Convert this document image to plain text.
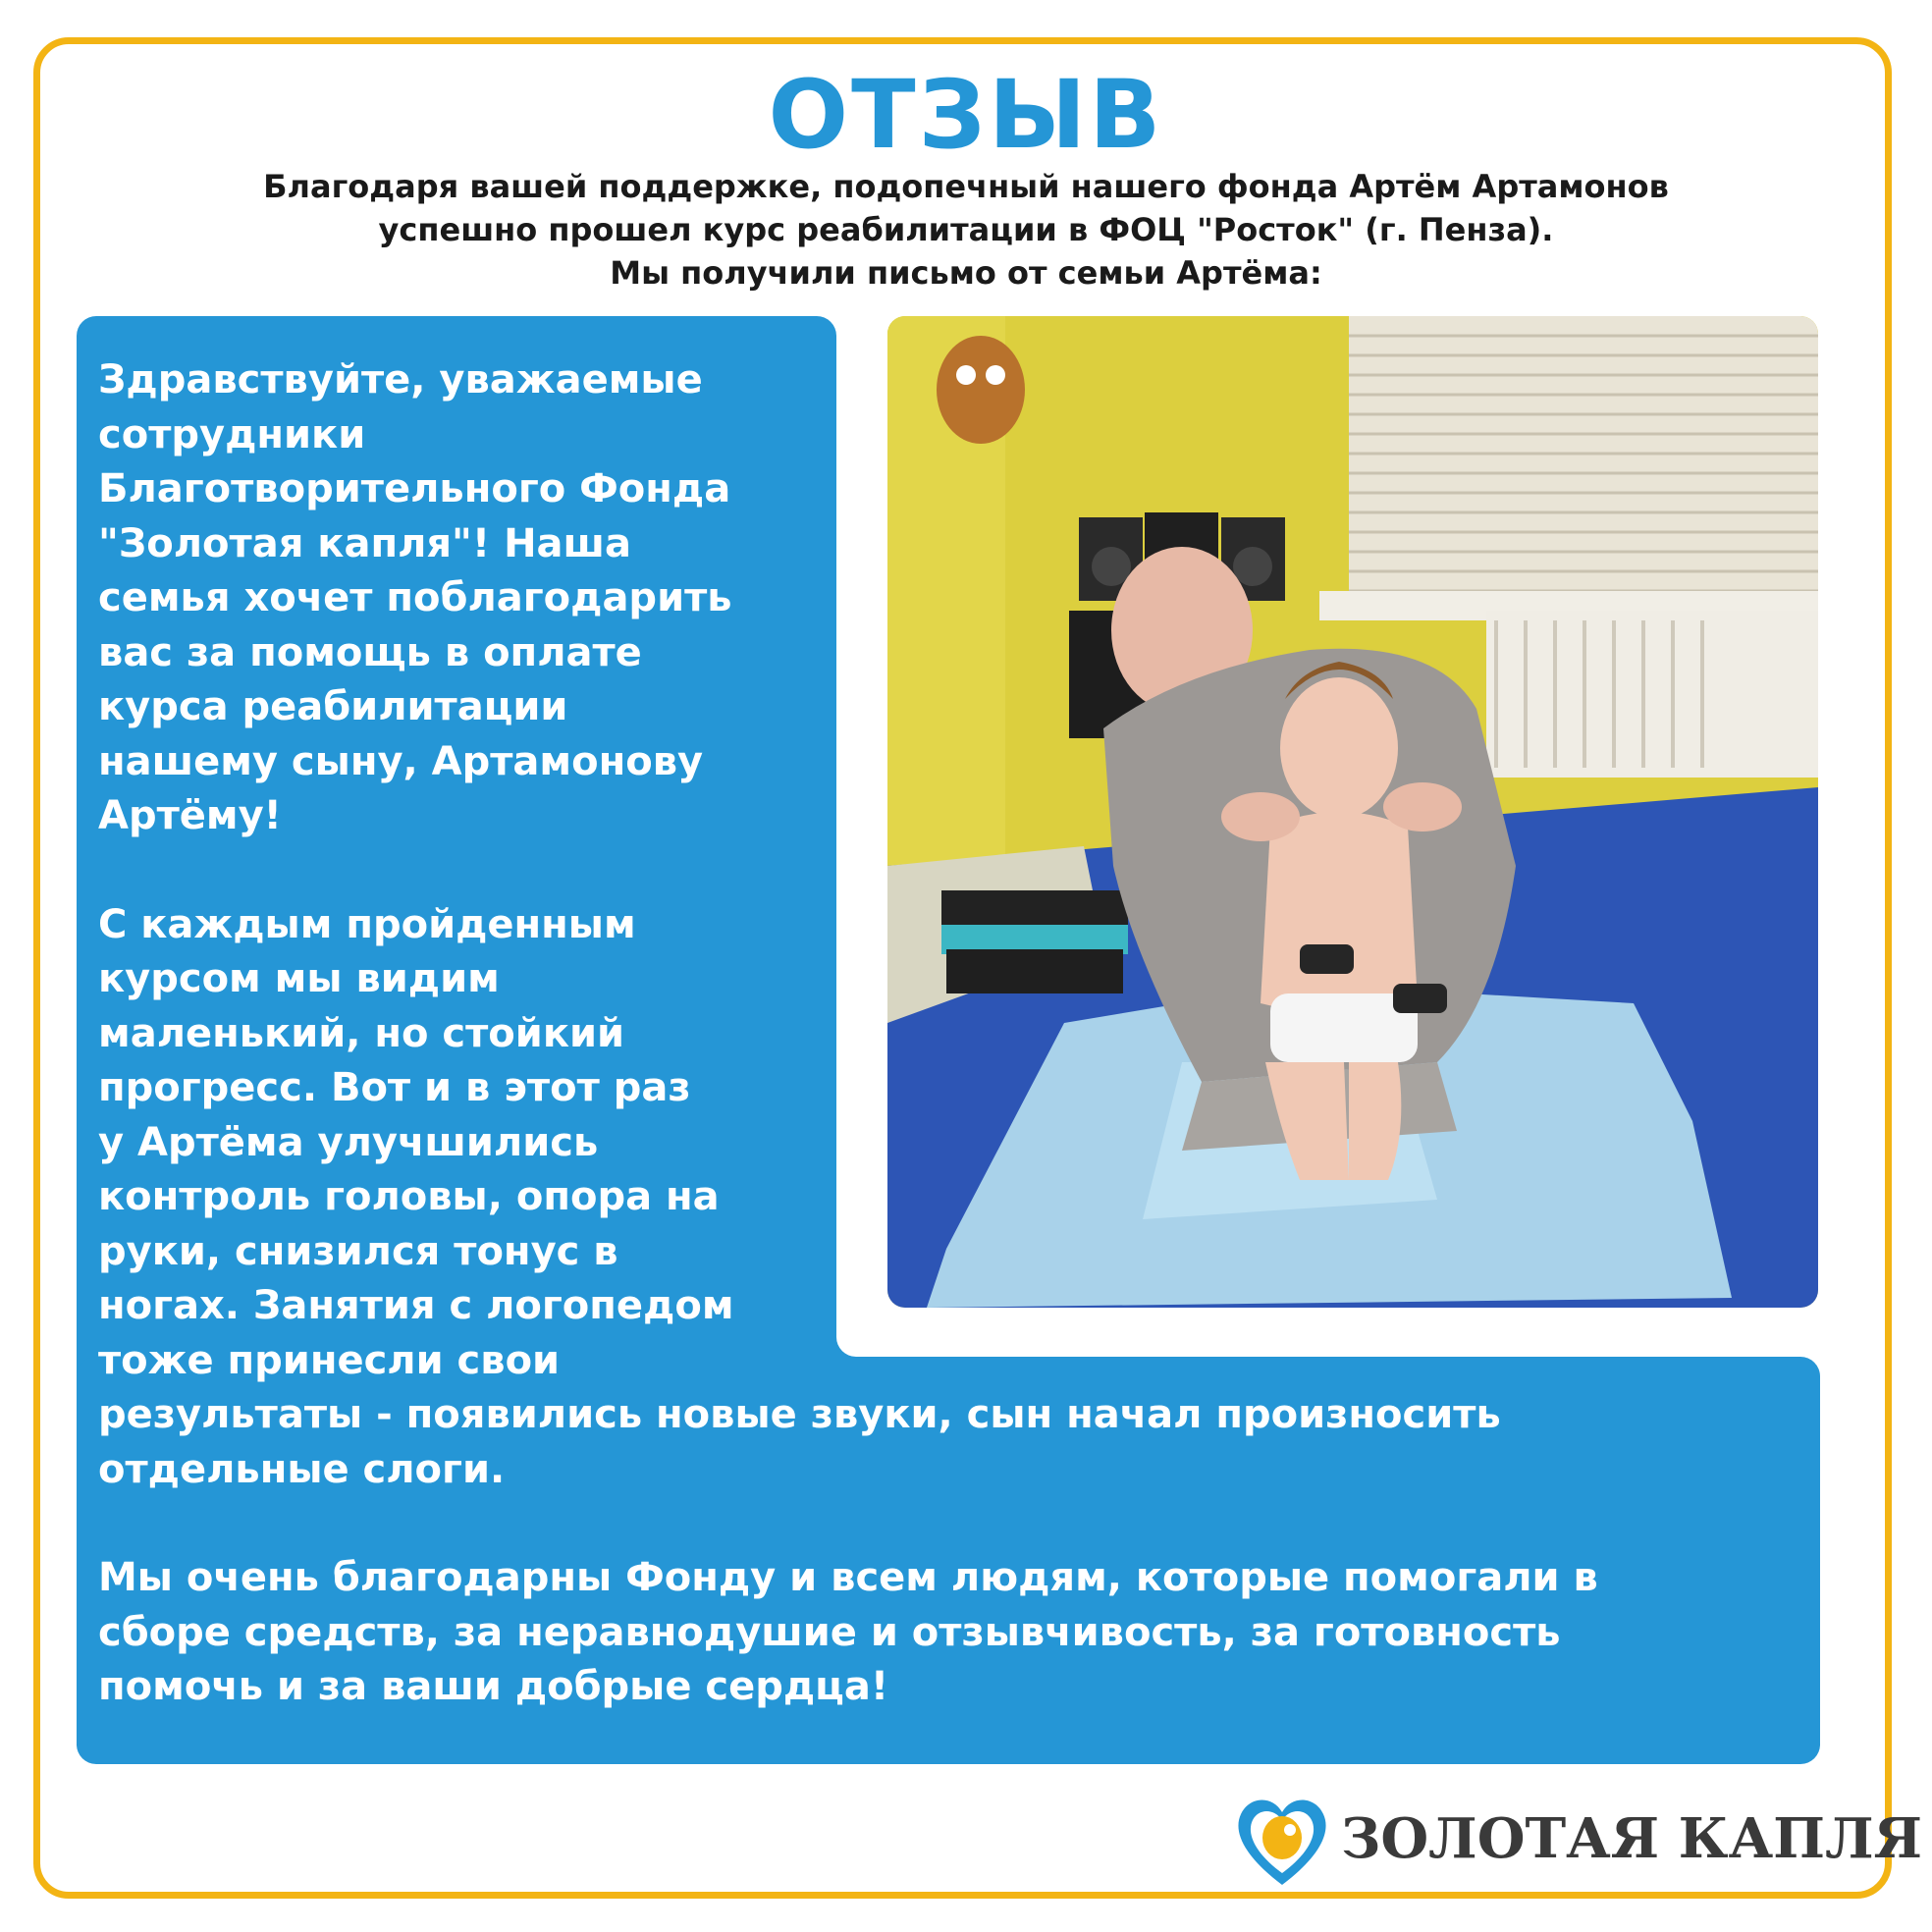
ОТЗЫВ
Благодаря вашей поддержке, подопечный нашего фонда Артём Артамонов
успешно прошел курс реабилитации в ФОЦ "Росток" (г. Пенза).
Мы получили письмо от семьи Артёма:
Здравствуйте, уважаемые
сотрудники
Благотворительного Фонда
"Золотая капля"! Наша
семья хочет поблагодарить
вас за помощь в оплате
курса реабилитации
нашему сыну, Артамонову
Артёму!
С каждым пройденным
курсом мы видим
маленький, но стойкий
прогресс. Вот и в этот раз
у Артёма улучшились
контроль головы, опора на
руки, снизился тонус в
ногах. Занятия с логопедом
тоже принесли свои
результаты - появились новые звуки, сын начал произносить
отдельные слоги.
Мы очень благодарны Фонду и всем людям, которые помогали в
сборе средств, за неравнодушие и отзывчивость, за готовность
помочь и за ваши добрые сердца!
ЗОЛОТАЯ КАПЛЯ
